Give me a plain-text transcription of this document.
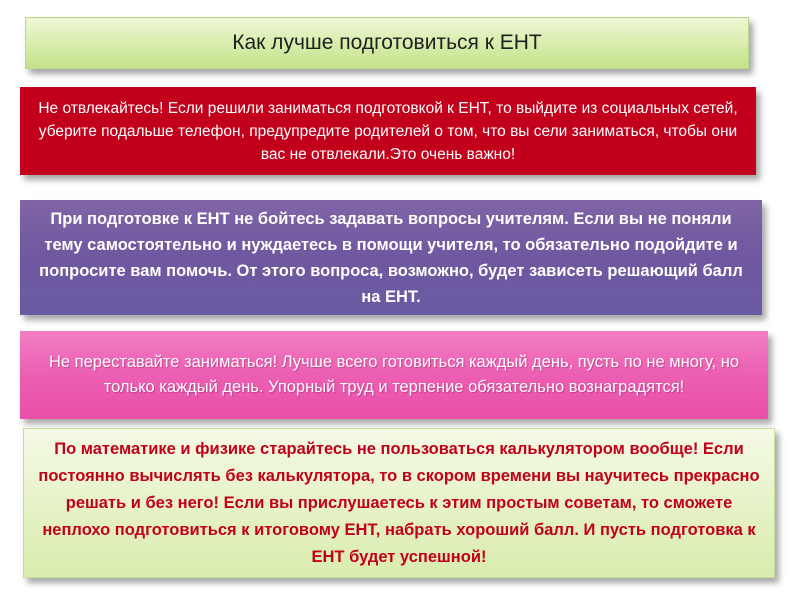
Как лучше подготовиться к ЕНТ
Не отвлекайтесь! Если решили заниматься подготовкой к ЕНТ, то выйдите из социальных сетей, уберите подальше телефон, предупредите родителей о том, что вы сели заниматься, чтобы они вас не отвлекали.Это очень важно!
При подготовке к ЕНТ не бойтесь задавать вопросы учителям. Если вы не поняли тему самостоятельно и нуждаетесь в помощи учителя, то обязательно подойдите и попросите вам помочь. От этого вопроса, возможно, будет зависеть решающий балл на ЕНТ.
Не переставайте заниматься! Лучше всего готовиться каждый день, пусть по не многу, но только каждый день. Упорный труд и терпение обязательно вознаградятся!
По математике и физике старайтесь не пользоваться калькулятором вообще! Если постоянно вычислять без калькулятора, то в скором времени вы научитесь прекрасно решать и без него! Если вы прислушаетесь к этим простым советам, то сможете неплохо подготовиться к итоговому ЕНТ, набрать хороший балл. И пусть подготовка к ЕНТ будет успешной!
